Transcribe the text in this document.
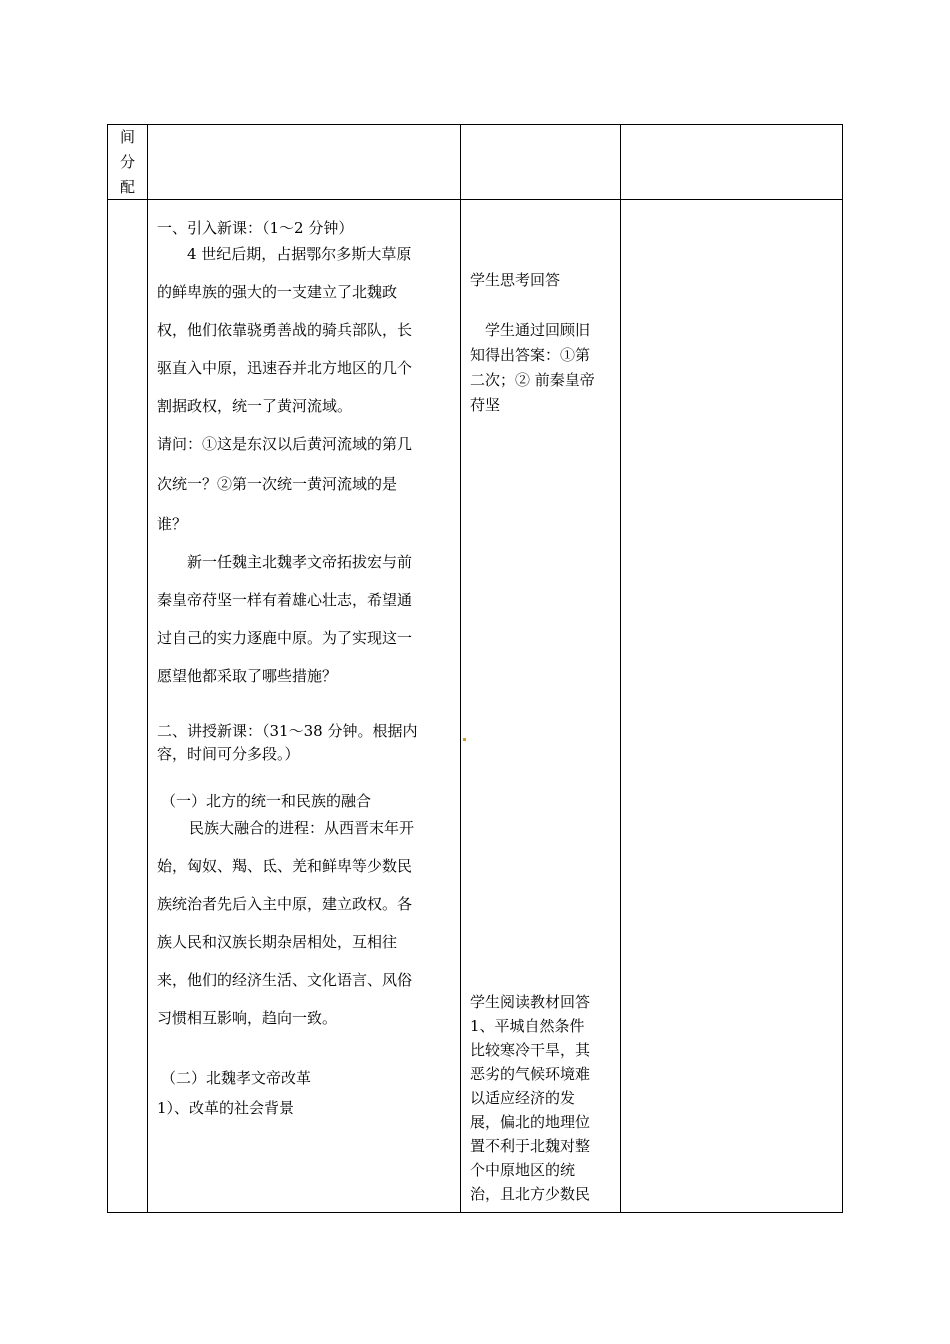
间
分
配

一、引入新课：（1～2 分钟）

4 世纪后期，占据鄂尔多斯大草原

的鲜卑族的强大的一支建立了北魏政

权，他们依靠骁勇善战的骑兵部队，长

驱直入中原，迅速吞并北方地区的几个

割据政权，统一了黄河流域。

请问：①这是东汉以后黄河流域的第几

次统一？②第一次统一黄河流域的是

谁？

新一任魏主北魏孝文帝拓拔宏与前

秦皇帝苻坚一样有着雄心壮志，希望通

过自己的实力逐鹿中原。为了实现这一

愿望他都采取了哪些措施？

二、讲授新课：（31～38 分钟。根据内

容，时间可分多段。）

（一）北方的统一和民族的融合

民族大融合的进程：从西晋末年开

始，匈奴、羯、氐、羌和鲜卑等少数民

族统治者先后入主中原，建立政权。各

族人民和汉族长期杂居相处，互相往

来，他们的经济生活、文化语言、风俗

习惯相互影响，趋向一致。

（二）北魏孝文帝改革

1）、改革的社会背景

学生思考回答

学生通过回顾旧

知得出答案：①第

二次；② 前秦皇帝

苻坚

学生阅读教材回答

1、平城自然条件

比较寒冷干旱，其

恶劣的气候环境难

以适应经济的发

展，偏北的地理位

置不利于北魏对整

个中原地区的统

治，且北方少数民
